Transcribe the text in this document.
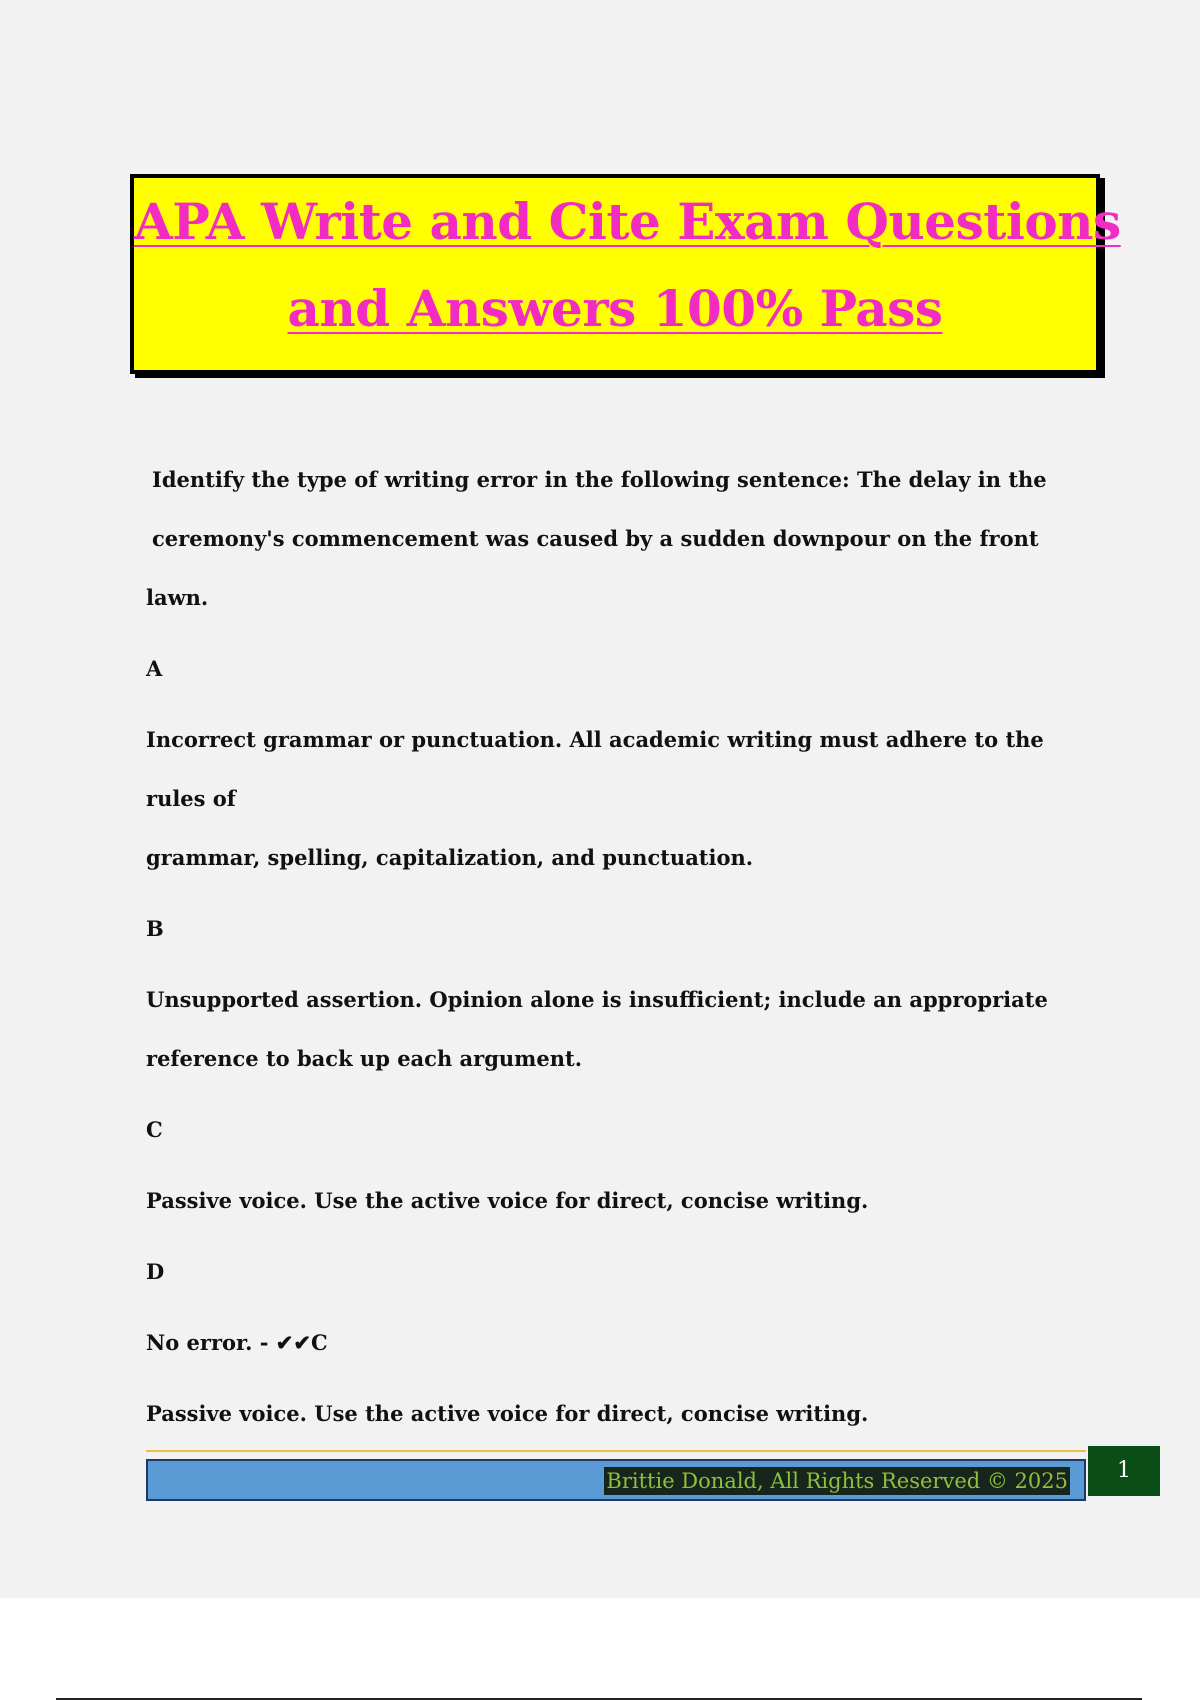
APA Write and Cite Exam Questions
and Answers 100% Pass
Identify the type of writing error in the following sentence: The delay in the
ceremony's commencement was caused by a sudden downpour on the front lawn.
A
Incorrect grammar or punctuation. All academic writing must adhere to the rules of
grammar, spelling, capitalization, and punctuation.
B
Unsupported assertion. Opinion alone is insufficient; include an appropriate
reference to back up each argument.
C
Passive voice. Use the active voice for direct, concise writing.
D
No error. - ✔✔C
Passive voice. Use the active voice for direct, concise writing.
Brittie Donald, All Rights Reserved © 2025	1
